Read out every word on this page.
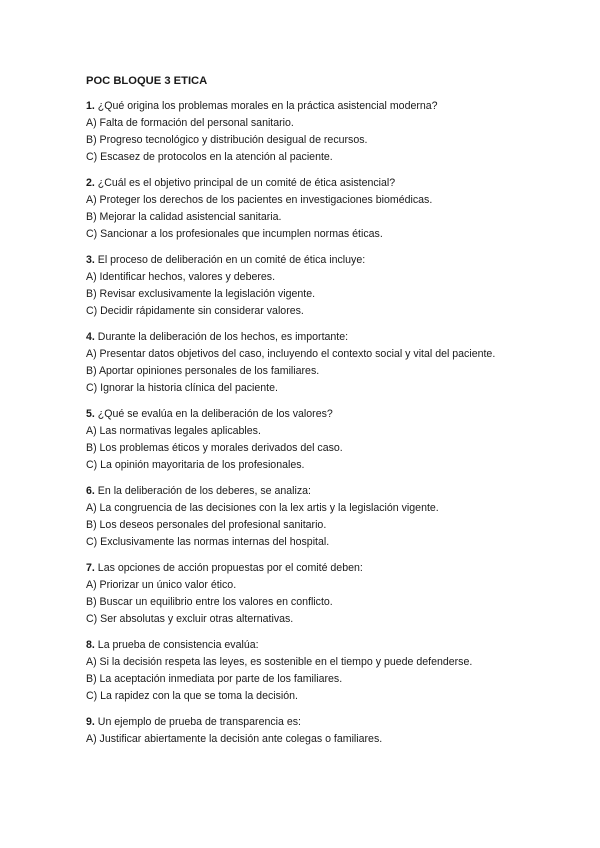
POC BLOQUE 3 ETICA

1. ¿Qué origina los problemas morales en la práctica asistencial moderna?

A) Falta de formación del personal sanitario.

B) Progreso tecnológico y distribución desigual de recursos.

C) Escasez de protocolos en la atención al paciente.

2. ¿Cuál es el objetivo principal de un comité de ética asistencial?

A) Proteger los derechos de los pacientes en investigaciones biomédicas.

B) Mejorar la calidad asistencial sanitaria.

C) Sancionar a los profesionales que incumplen normas éticas.

3. El proceso de deliberación en un comité de ética incluye:

A) Identificar hechos, valores y deberes.

B) Revisar exclusivamente la legislación vigente.

C) Decidir rápidamente sin considerar valores.

4. Durante la deliberación de los hechos, es importante:

A) Presentar datos objetivos del caso, incluyendo el contexto social y vital del paciente.

B) Aportar opiniones personales de los familiares.

C) Ignorar la historia clínica del paciente.

5. ¿Qué se evalúa en la deliberación de los valores?

A) Las normativas legales aplicables.

B) Los problemas éticos y morales derivados del caso.

C) La opinión mayoritaria de los profesionales.

6. En la deliberación de los deberes, se analiza:

A) La congruencia de las decisiones con la lex artis y la legislación vigente.

B) Los deseos personales del profesional sanitario.

C) Exclusivamente las normas internas del hospital.

7. Las opciones de acción propuestas por el comité deben:

A) Priorizar un único valor ético.

B) Buscar un equilibrio entre los valores en conflicto.

C) Ser absolutas y excluir otras alternativas.

8. La prueba de consistencia evalúa:

A) Si la decisión respeta las leyes, es sostenible en el tiempo y puede defenderse.

B) La aceptación inmediata por parte de los familiares.

C) La rapidez con la que se toma la decisión.

9. Un ejemplo de prueba de transparencia es:

A) Justificar abiertamente la decisión ante colegas o familiares.
